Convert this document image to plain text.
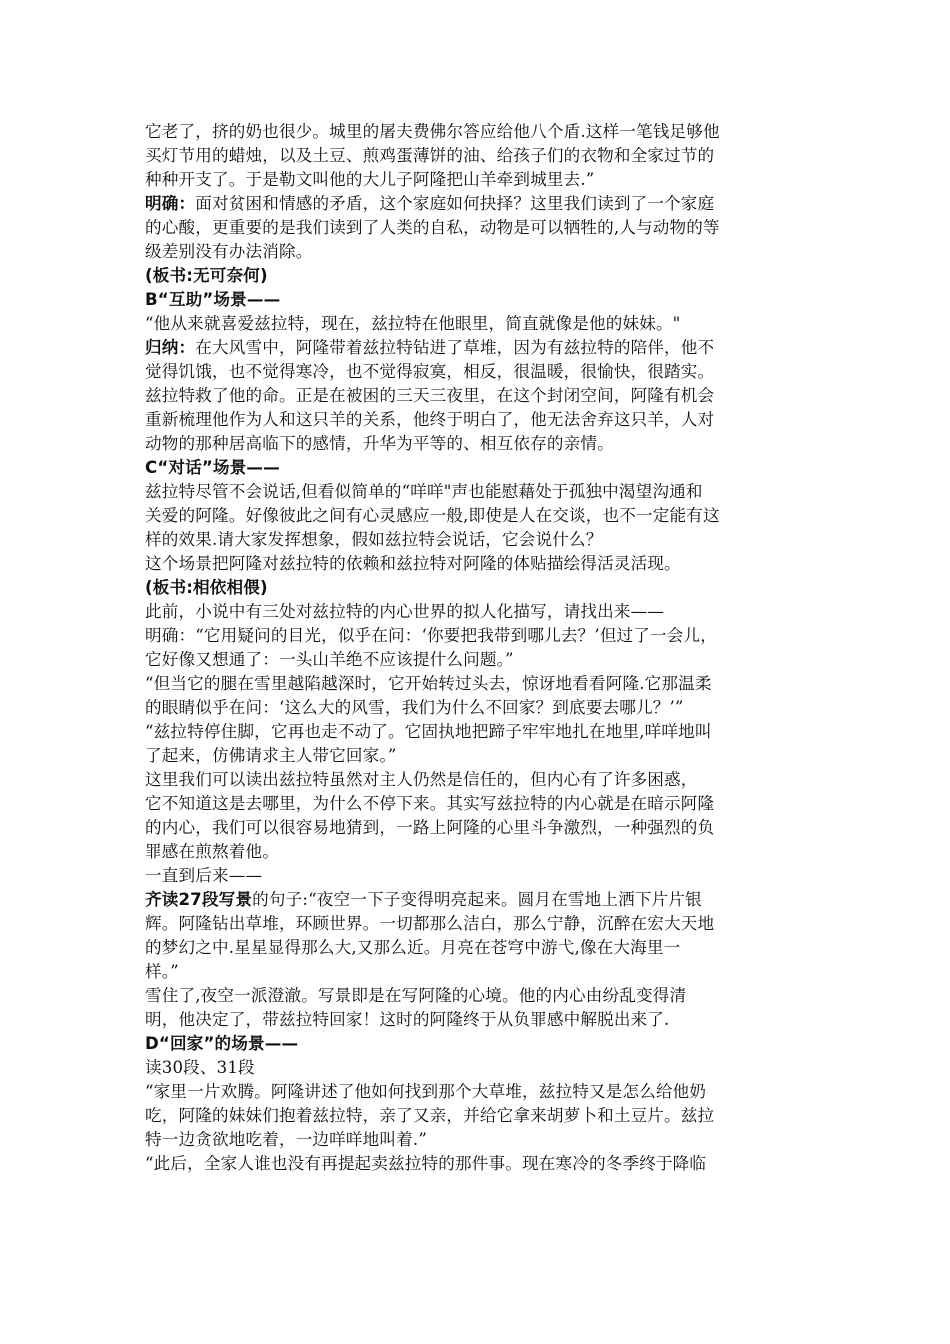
它老了，挤的奶也很少。城里的屠夫费佛尔答应给他八个盾.这样一笔钱足够他
买灯节用的蜡烛，以及土豆、煎鸡蛋薄饼的油、给孩子们的衣物和全家过节的
种种开支了。于是勒文叫他的大儿子阿隆把山羊牵到城里去.”
明确：面对贫困和情感的矛盾，这个家庭如何抉择？这里我们读到了一个家庭
的心酸，更重要的是我们读到了人类的自私，动物是可以牺牲的,人与动物的等
级差别没有办法消除。
(板书:无可奈何)
B“互助”场景——
“他从来就喜爱兹拉特，现在，兹拉特在他眼里，简直就像是他的妹妹。"
归纳：在大风雪中，阿隆带着兹拉特钻进了草堆，因为有兹拉特的陪伴，他不
觉得饥饿，也不觉得寒冷，也不觉得寂寞，相反，很温暖，很愉快，很踏实。
兹拉特救了他的命。正是在被困的三天三夜里，在这个封闭空间，阿隆有机会
重新梳理他作为人和这只羊的关系，他终于明白了，他无法舍弃这只羊，人对
动物的那种居高临下的感情，升华为平等的、相互依存的亲情。
C“对话”场景——
兹拉特尽管不会说话,但看似简单的“咩咩"声也能慰藉处于孤独中渴望沟通和
关爱的阿隆。好像彼此之间有心灵感应一般,即使是人在交谈，也不一定能有这
样的效果.请大家发挥想象，假如兹拉特会说话，它会说什么？
这个场景把阿隆对兹拉特的依赖和兹拉特对阿隆的体贴描绘得活灵活现。
(板书:相依相偎)
此前，小说中有三处对兹拉特的内心世界的拟人化描写，请找出来——
明确：“它用疑问的目光，似乎在问：‘你要把我带到哪儿去？’但过了一会儿，
它好像又想通了：一头山羊绝不应该提什么问题。”
“但当它的腿在雪里越陷越深时，它开始转过头去，惊讶地看看阿隆.它那温柔
的眼睛似乎在问：‘这么大的风雪，我们为什么不回家？到底要去哪儿？’”
“兹拉特停住脚，它再也走不动了。它固执地把蹄子牢牢地扎在地里,咩咩地叫
了起来，仿佛请求主人带它回家。”
这里我们可以读出兹拉特虽然对主人仍然是信任的，但内心有了许多困惑，
它不知道这是去哪里，为什么不停下来。其实写兹拉特的内心就是在暗示阿隆
的内心，我们可以很容易地猜到，一路上阿隆的心里斗争激烈，一种强烈的负
罪感在煎熬着他。
一直到后来——
齐读27段写景的句子:“夜空一下子变得明亮起来。圆月在雪地上洒下片片银
辉。阿隆钻出草堆，环顾世界。一切都那么洁白，那么宁静，沉醉在宏大天地
的梦幻之中.星星显得那么大,又那么近。月亮在苍穹中游弋,像在大海里一
样。”
雪住了,夜空一派澄澈。写景即是在写阿隆的心境。他的内心由纷乱变得清
明，他决定了，带兹拉特回家！这时的阿隆终于从负罪感中解脱出来了.
D“回家”的场景——
读30段、31段
“家里一片欢腾。阿隆讲述了他如何找到那个大草堆，兹拉特又是怎么给他奶
吃，阿隆的妹妹们抱着兹拉特，亲了又亲，并给它拿来胡萝卜和土豆片。兹拉
特一边贪欲地吃着，一边咩咩地叫着.”
“此后，全家人谁也没有再提起卖兹拉特的那件事。现在寒冷的冬季终于降临
